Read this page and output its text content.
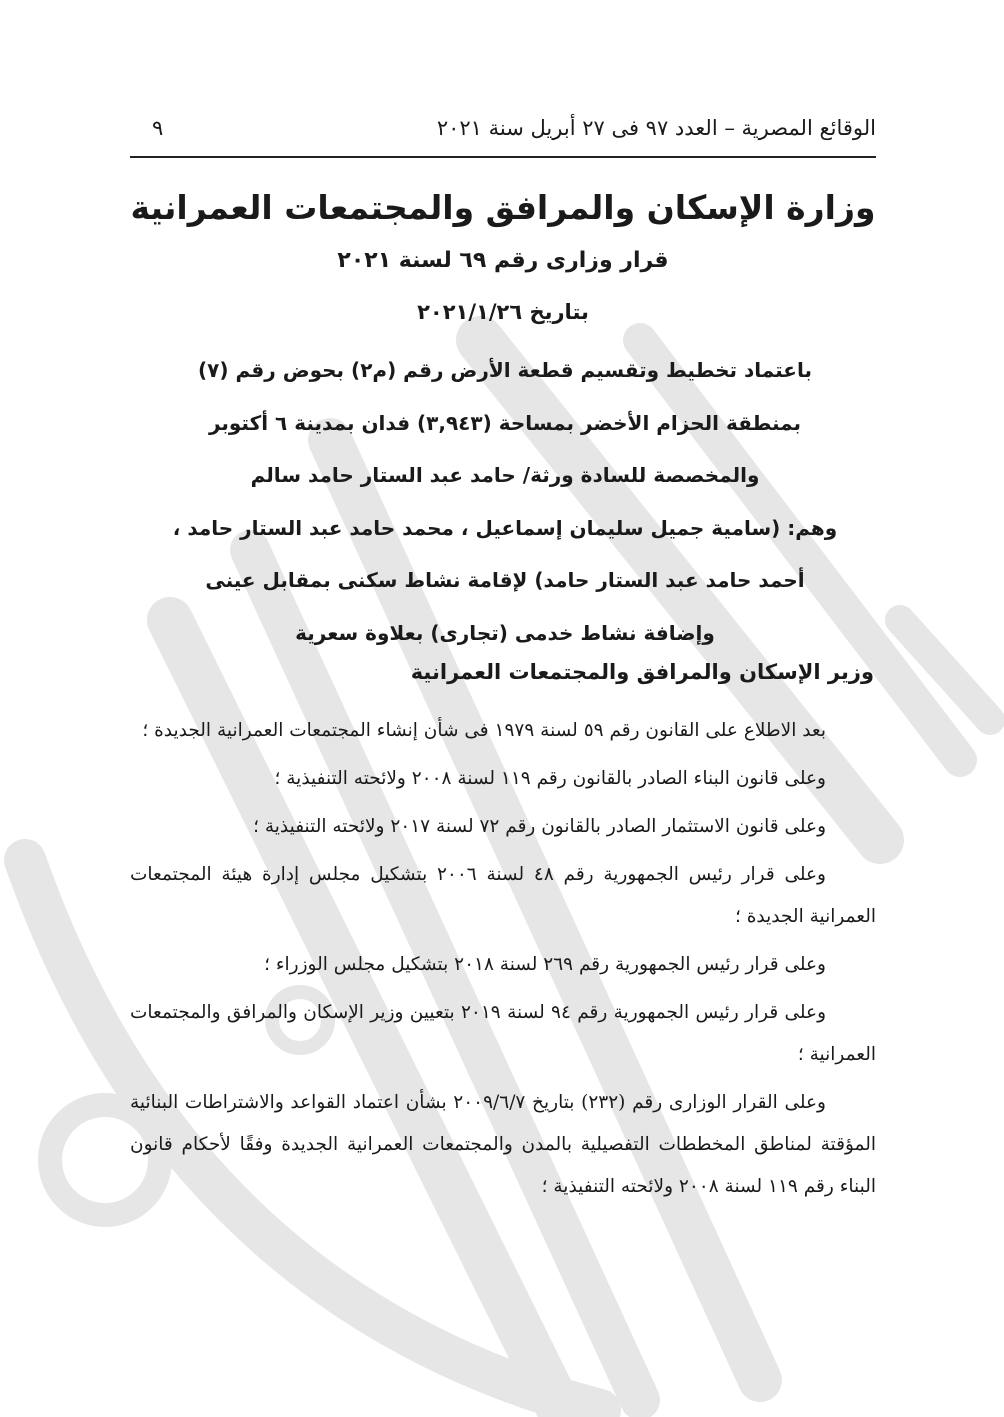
الوقائع المصرية – العدد ٩٧ فى ٢٧ أبريل سنة ٢٠٢١
٩
وزارة الإسكان والمرافق والمجتمعات العمرانية
قرار وزارى رقم ٦٩ لسنة ٢٠٢١
بتاريخ ٢٠٢١/١/٢٦
باعتماد تخطيط وتقسيم قطعة الأرض رقم (م٢) بحوض رقم (٧)
بمنطقة الحزام الأخضر بمساحة (٣,٩٤٣) فدان بمدينة ٦ أكتوبر
والمخصصة للسادة ورثة/ حامد عبد الستار حامد سالم
وهم: (سامية جميل سليمان إسماعيل ، محمد حامد عبد الستار حامد ،
أحمد حامد عبد الستار حامد) لإقامة نشاط سكنى بمقابل عينى
وإضافة نشاط خدمى (تجارى) بعلاوة سعرية
وزير الإسكان والمرافق والمجتمعات العمرانية

بعد الاطلاع على القانون رقم ٥٩ لسنة ١٩٧٩ فى شأن إنشاء المجتمعات العمرانية الجديدة ؛

وعلى قانون البناء الصادر بالقانون رقم ١١٩ لسنة ٢٠٠٨ ولائحته التنفيذية ؛

وعلى قانون الاستثمار الصادر بالقانون رقم ٧٢ لسنة ٢٠١٧ ولائحته التنفيذية ؛

وعلى قرار رئيس الجمهورية رقم ٤٨ لسنة ٢٠٠٦ بتشكيل مجلس إدارة هيئة المجتمعات العمرانية الجديدة ؛

وعلى قرار رئيس الجمهورية رقم ٢٦٩ لسنة ٢٠١٨ بتشكيل مجلس الوزراء ؛

وعلى قرار رئيس الجمهورية رقم ٩٤ لسنة ٢٠١٩ بتعيين وزير الإسكان والمرافق والمجتمعات العمرانية ؛

وعلى القرار الوزارى رقم (٢٣٢) بتاريخ ٢٠٠٩/٦/٧ بشأن اعتماد القواعد والاشتراطات البنائية المؤقتة لمناطق المخططات التفصيلية بالمدن والمجتمعات العمرانية الجديدة وفقًا لأحكام قانون البناء رقم ١١٩ لسنة ٢٠٠٨ ولائحته التنفيذية ؛
